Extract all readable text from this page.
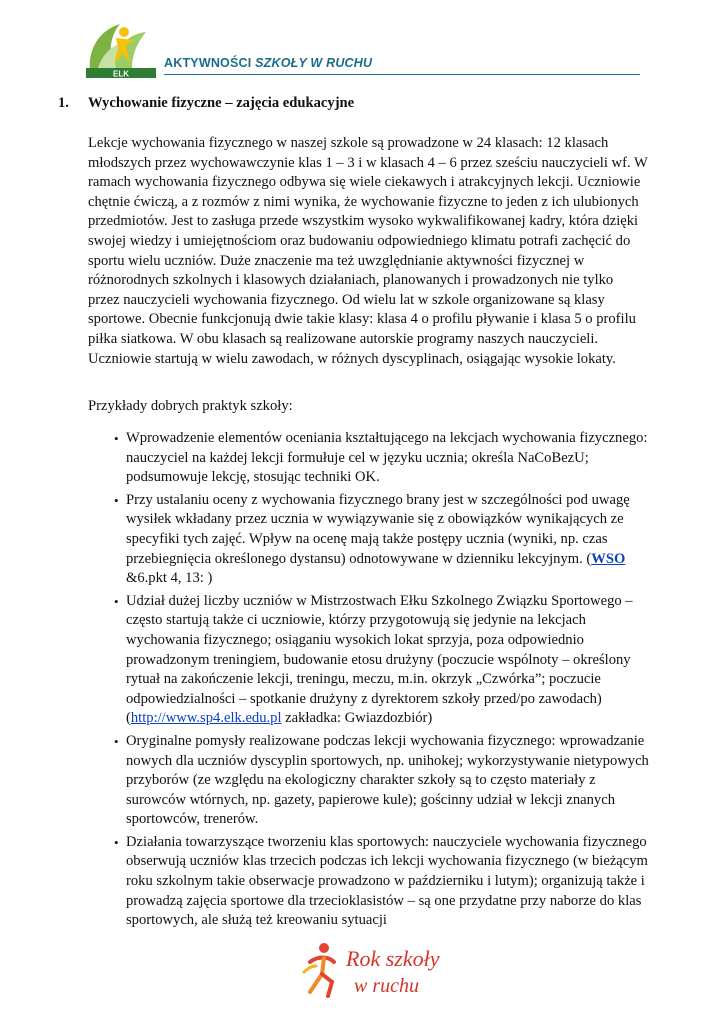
ELK
AKTYWNOŚCI SZKOŁY W RUCHU
1. Wychowanie fizyczne – zajęcia edukacyjne

Lekcje wychowania fizycznego w naszej szkole są prowadzone w 24 klasach: 12 klasach młodszych przez wychowawczynie klas 1 – 3 i w klasach 4 – 6 przez sześciu nauczycieli wf. W ramach wychowania fizycznego odbywa się wiele ciekawych i atrakcyjnych lekcji. Uczniowie chętnie ćwiczą, a z rozmów z nimi wynika, że wychowanie fizyczne to jeden z ich ulubionych przedmiotów. Jest to zasługa przede wszystkim wysoko wykwalifikowanej kadry, która dzięki swojej wiedzy i umiejętnościom oraz budowaniu odpowiedniego klimatu potrafi zachęcić do sportu wielu uczniów. Duże znaczenie ma też uwzględnianie aktywności fizycznej w różnorodnych szkolnych i klasowych działaniach, planowanych i prowadzonych nie tylko przez nauczycieli wychowania fizycznego. Od wielu lat w szkole organizowane są klasy sportowe. Obecnie funkcjonują dwie takie klasy: klasa 4 o profilu pływanie i klasa 5 o profilu piłka siatkowa. W obu klasach są realizowane autorskie programy naszych nauczycieli. Uczniowie startują w wielu zawodach, w różnych dyscyplinach, osiągając wysokie lokaty.

Przykłady dobrych praktyk szkoły:

• Wprowadzenie elementów oceniania kształtującego na lekcjach wychowania fizycznego: nauczyciel na każdej lekcji formułuje cel w języku ucznia; określa NaCoBezU; podsumowuje lekcję, stosując techniki OK.
• Przy ustalaniu oceny z wychowania fizycznego brany jest w szczególności pod uwagę wysiłek wkładany przez ucznia w wywiązywanie się z obowiązków wynikających ze specyfiki tych zajęć. Wpływ na ocenę mają także postępy ucznia (wyniki, np. czas przebiegnięcia określonego dystansu) odnotowywane w dzienniku lekcyjnym. (WSO &6.pkt 4, 13: )
• Udział dużej liczby uczniów w Mistrzostwach Ełku Szkolnego Związku Sportowego – często startują także ci uczniowie, którzy przygotowują się jedynie na lekcjach wychowania fizycznego; osiąganiu wysokich lokat sprzyja, poza odpowiednio prowadzonym treningiem, budowanie etosu drużyny (poczucie wspólnoty – określony rytuał na zakończenie lekcji, treningu, meczu, m.in. okrzyk „Czwórka”; poczucie odpowiedzialności – spotkanie drużyny z dyrektorem szkoły przed/po zawodach) (http://www.sp4.elk.edu.pl zakładka: Gwiazdozbiór)
• Oryginalne pomysły realizowane podczas lekcji wychowania fizycznego: wprowadzanie nowych dla uczniów dyscyplin sportowych, np. unihokej; wykorzystywanie nietypowych przyborów (ze względu na ekologiczny charakter szkoły są to często materiały z surowców wtórnych, np. gazety, papierowe kule); gościnny udział w lekcji znanych sportowców, trenerów.
• Działania towarzyszące tworzeniu klas sportowych: nauczyciele wychowania fizycznego obserwują uczniów klas trzecich podczas ich lekcji wychowania fizycznego (w bieżącym roku szkolnym takie obserwacje prowadzono w październiku i lutym); organizują także i prowadzą zajęcia sportowe dla trzecioklasistów – są one przydatne przy naborze do klas sportowych, ale służą też kreowaniu sytuacji
Rok szkoły
w ruchu
